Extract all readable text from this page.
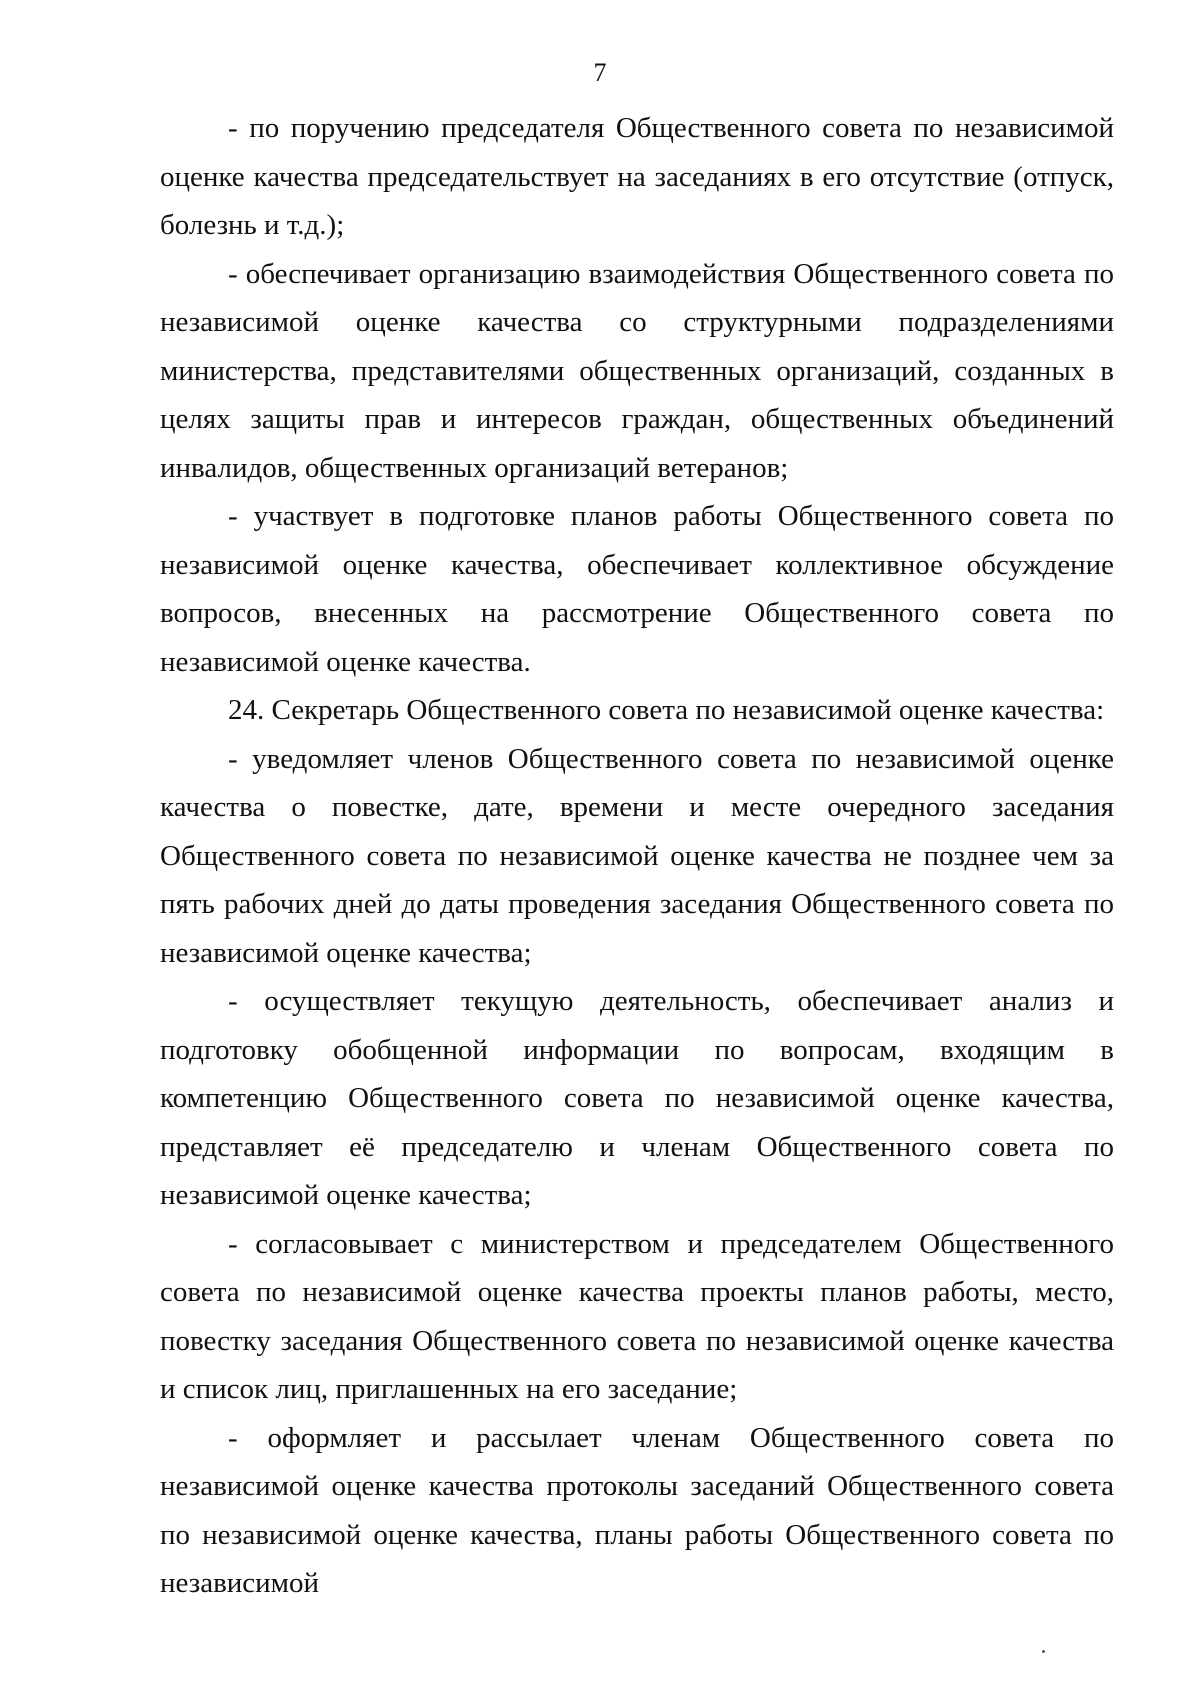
7

- по поручению председателя Общественного совета по независимой оценке качества председательствует на заседаниях в его отсутствие (отпуск, болезнь и т.д.);

- обеспечивает организацию взаимодействия Общественного совета по независимой оценке качества со структурными подразделениями министерства, представителями общественных организаций, созданных в целях защиты прав и интересов граждан, общественных объединений инвалидов, общественных организаций ветеранов;

- участвует в подготовке планов работы Общественного совета по независимой оценке качества, обеспечивает коллективное обсуждение вопросов, внесенных на рассмотрение Общественного совета по независимой оценке качества.

24. Секретарь Общественного совета по независимой оценке качества:

- уведомляет членов Общественного совета по независимой оценке качества о повестке, дате, времени и месте очередного заседания Общественного совета по независимой оценке качества не позднее чем за пять рабочих дней до даты проведения заседания Общественного совета по независимой оценке качества;

- осуществляет текущую деятельность, обеспечивает анализ и подготовку обобщенной информации по вопросам, входящим в компетенцию Общественного совета по независимой оценке качества, представляет её председателю и членам Общественного совета по независимой оценке качества;

- согласовывает с министерством и председателем Общественного совета по независимой оценке качества проекты планов работы, место, повестку заседания Общественного совета по независимой оценке качества и список лиц, приглашенных на его заседание;

- оформляет и рассылает членам Общественного совета по независимой оценке качества протоколы заседаний Общественного совета по независимой оценке качества, планы работы Общественного совета по независимой
